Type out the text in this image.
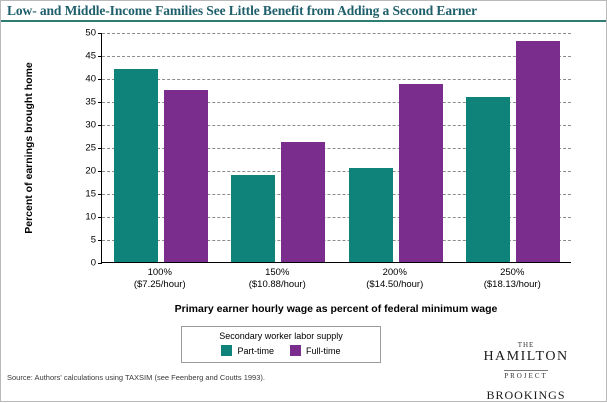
Low- and Middle-Income Families See Little Benefit from Adding a Second Earner
Percent of earnings brought home
0
5
10
15
20
25
30
35
40
45
50
100%
($7.25/hour)
150%
($10.88/hour)
200%
($14.50/hour)
250%
($18.13/hour)
Primary earner hourly wage as percent of federal minimum wage
Secondary worker labor supply
Part-time	Full-time
Source: Authors' calculations using TAXSIM (see Feenberg and Coutts 1993).
THE
HAMILTON
PROJECT
BROOKINGS
